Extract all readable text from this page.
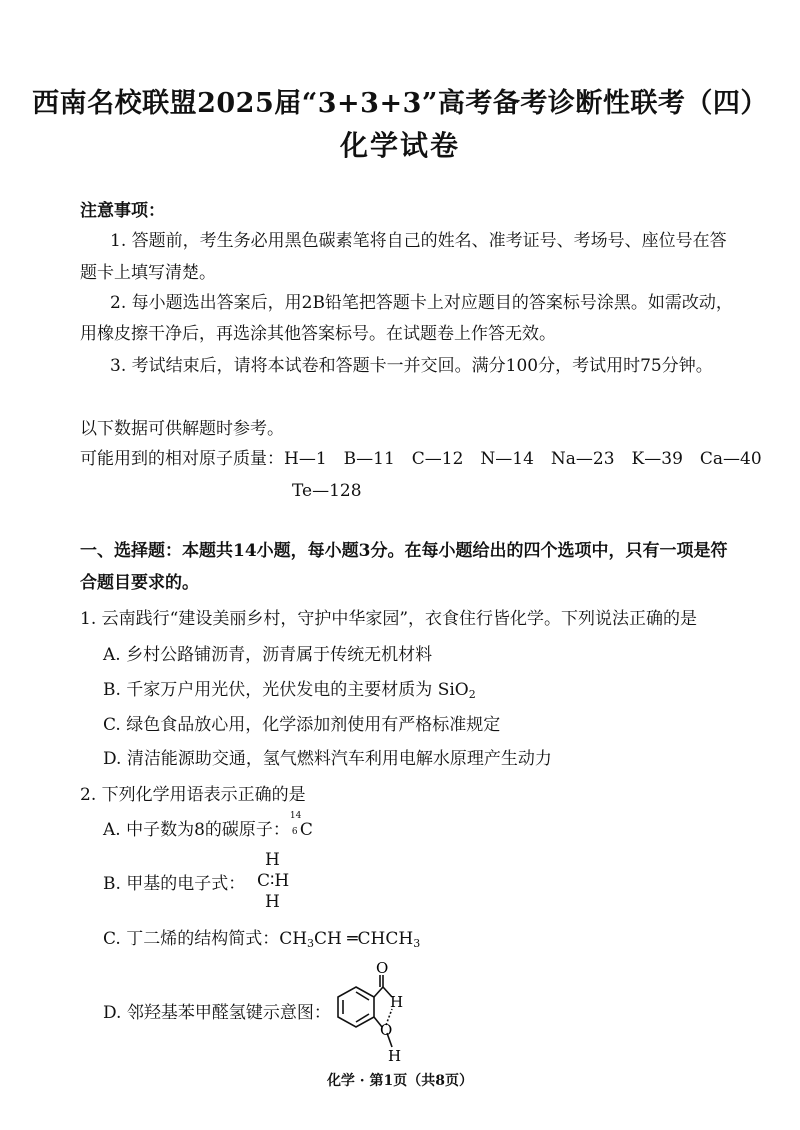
西南名校联盟2025届“3+3+3”高考备考诊断性联考（四）
化学试卷
注意事项：
1. 答题前，考生务必用黑色碳素笔将自己的姓名、准考证号、考场号、座位号在答
题卡上填写清楚。
2. 每小题选出答案后，用2B铅笔把答题卡上对应题目的答案标号涂黑。如需改动，
用橡皮擦干净后，再选涂其他答案标号。在试题卷上作答无效。
3. 考试结束后，请将本试卷和答题卡一并交回。满分100分，考试用时75分钟。
以下数据可供解题时参考。
可能用到的相对原子质量：H—1　B—11　C—12　N—14　Na—23　K—39　Ca—40
Te—128
一、选择题：本题共14小题，每小题3分。在每小题给出的四个选项中，只有一项是符
合题目要求的。
1. 云南践行“建设美丽乡村，守护中华家园”，衣食住行皆化学。下列说法正确的是
A. 乡村公路铺沥青，沥青属于传统无机材料
B. 千家万户用光伏，光伏发电的主要材质为 SiO$_2$
C. 绿色食品放心用，化学添加剂使用有严格标准规定
D. 清洁能源助交通，氢气燃料汽车利用电解水原理产生动力
2. 下列化学用语表示正确的是
A. 中子数为8的碳原子：
14
6 C
B. 甲基的电子式：
H
C∶H
H
C. 丁二烯的结构简式：$CH_3CH$ $═CHCH_3$
D. 邻羟基苯甲醛氢键示意图：
O
H
O
H
化学 · 第1页（共8页）
